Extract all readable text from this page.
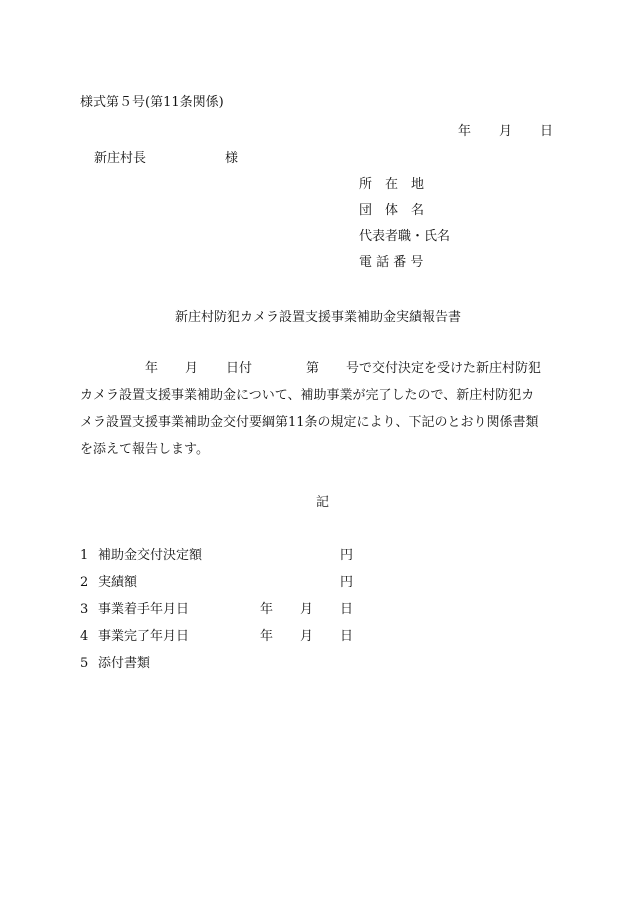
様式第５号(第11条関係)
年 月 日
新庄村長	様
所　在　地
団　体　名
代表者職・氏名
電 話 番 号
新庄村防犯カメラ設置支援事業補助金実績報告書

年

月

日付

	第

号で交付決定を受けた新庄村防犯

カメラ設置支援事業補助金について、補助事業が完了したので、新庄村防犯カ
メラ設置支援事業補助金交付要綱第11条の規定により、下記のとおり関係書類
を添えて報告します。
記
1 補助金交付決定額	円
2 実績額	円
3 事業着手年月日	年 月 日
4 事業完了年月日	年 月 日
5 添付書類
